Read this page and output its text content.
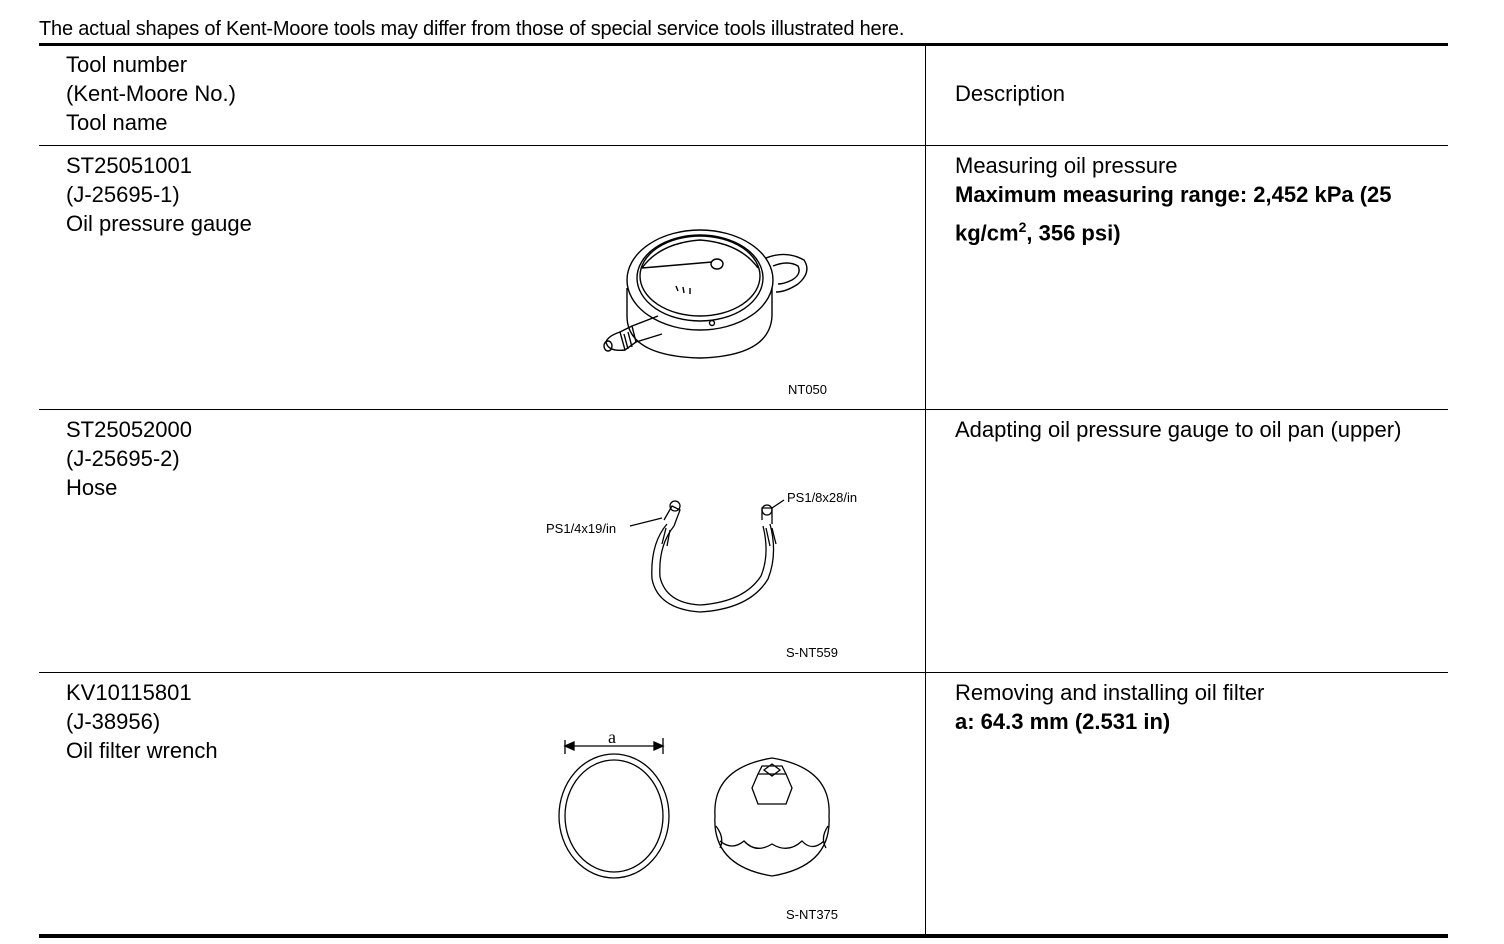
The actual shapes of Kent-Moore tools may differ from those of special service tools illustrated here.
Tool number
(Kent-Moore No.)
Tool name
Description
ST25051001
(J-25695-1)
Oil pressure gauge
Measuring oil pressure
Maximum measuring range: 2,452 kPa (25
$kg/cm^2$, 356 psi)
NT050
ST25052000
(J-25695-2)
Hose
Adapting oil pressure gauge to oil pan (upper)
PS1/4x19/in
PS1/8x28/in
S-NT559
KV10115801
(J-38956)
Oil filter wrench
Removing and installing oil filter
a: 64.3 mm (2.531 in)
a
S-NT375
